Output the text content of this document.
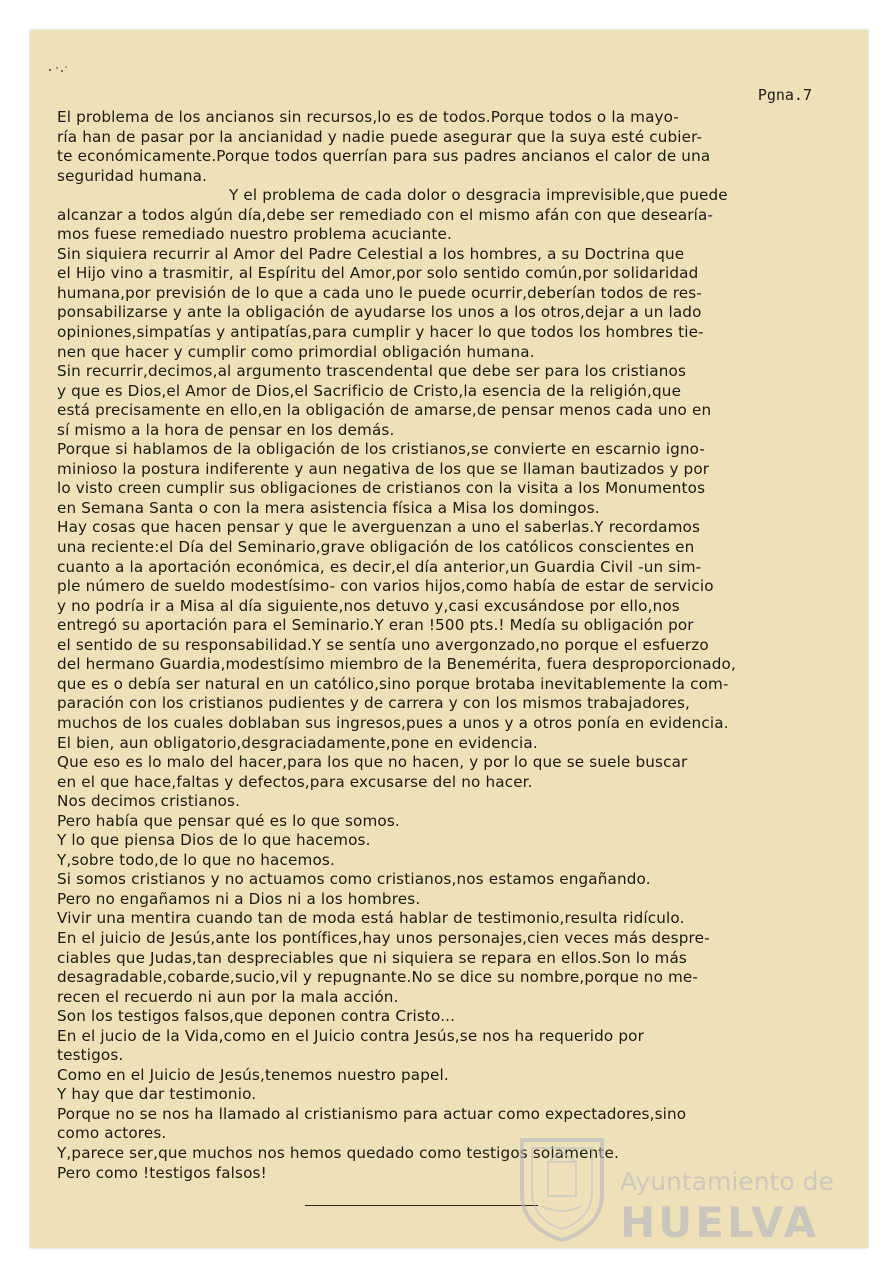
Pgna.7
El problema de los ancianos sin recursos,lo es de todos.Porque todos o la mayo-
ría han de pasar por la ancianidad y nadie puede asegurar que la suya esté cubier-
te económicamente.Porque todos querrían para sus padres ancianos el calor de una
seguridad humana.
Y el problema de cada dolor o desgracia imprevisible,que puede
alcanzar a todos algún día,debe ser remediado con el mismo afán con que desearía-
mos fuese remediado nuestro problema acuciante.
Sin siquiera recurrir al Amor del Padre Celestial a los hombres, a su Doctrina que
el Hijo vino a trasmitir, al Espíritu del Amor,por solo sentido común,por solidaridad
humana,por previsión de lo que a cada uno le puede ocurrir,deberían todos de res-
ponsabilizarse y ante la obligación de ayudarse los unos a los otros,dejar a un lado
opiniones,simpatías y antipatías,para cumplir y hacer lo que todos los hombres tie-
nen que hacer y cumplir como primordial obligación humana.
Sin recurrir,decimos,al argumento trascendental que debe ser para los cristianos
y que es Dios,el Amor de Dios,el Sacrificio de Cristo,la esencia de la religión,que
está precisamente en ello,en la obligación de amarse,de pensar menos cada uno en
sí mismo a la hora de pensar en los demás.
Porque si hablamos de la obligación de los cristianos,se convierte en escarnio igno-
minioso la postura indiferente y aun negativa de los que se llaman bautizados y por
lo visto creen cumplir sus obligaciones de cristianos con la visita a los Monumentos
en Semana Santa o con la mera asistencia física a Misa los domingos.
Hay cosas que hacen pensar y que le averguenzan a uno el saberlas.Y recordamos
una reciente:el Día del Seminario,grave obligación de los católicos conscientes en
cuanto a la aportación económica, es decir,el día anterior,un Guardia Civil -un sim-
ple número de sueldo modestísimo- con varios hijos,como había de estar de servicio
y no podría ir a Misa al día siguiente,nos detuvo y,casi excusándose por ello,nos
entregó su aportación para el Seminario.Y eran !500 pts.! Medía su obligación por
el sentido de su responsabilidad.Y se sentía uno avergonzado,no porque el esfuerzo
del hermano Guardia,modestísimo miembro de la Benemérita, fuera desproporcionado,
que es o debía ser natural en un católico,sino porque brotaba inevitablemente la com-
paración con los cristianos pudientes y de carrera y con los mismos trabajadores,
muchos de los cuales doblaban sus ingresos,pues a unos y a otros ponía en evidencia.
El bien, aun obligatorio,desgraciadamente,pone en evidencia.
Que eso es lo malo del hacer,para los que no hacen, y por lo que se suele buscar
en el que hace,faltas y defectos,para excusarse del no hacer.
Nos decimos cristianos.
Pero había que pensar qué es lo que somos.
Y lo que piensa Dios de lo que hacemos.
Y,sobre todo,de lo que no hacemos.
Si somos cristianos y no actuamos como cristianos,nos estamos engañando.
Pero no engañamos ni a Dios ni a los hombres.
Vivir una mentira cuando tan de moda está hablar de testimonio,resulta ridículo.
En el juicio de Jesús,ante los pontífices,hay unos personajes,cien veces más despre-
ciables que Judas,tan despreciables que ni siquiera se repara en ellos.Son lo más
desagradable,cobarde,sucio,vil y repugnante.No se dice su nombre,porque no me-
recen el recuerdo ni aun por la mala acción.
Son los testigos falsos,que deponen contra Cristo...
En el jucio de la Vida,como en el Juicio contra Jesús,se nos ha requerido por
testigos.
Como en el Juicio de Jesús,tenemos nuestro papel.
Y hay que dar testimonio.
Porque no se nos ha llamado al cristianismo para actuar como expectadores,sino
como actores.
Y,parece ser,que muchos nos hemos quedado como testigos solamente.
Pero como !testigos falsos!	Ayuntamiento de
HUELVA
